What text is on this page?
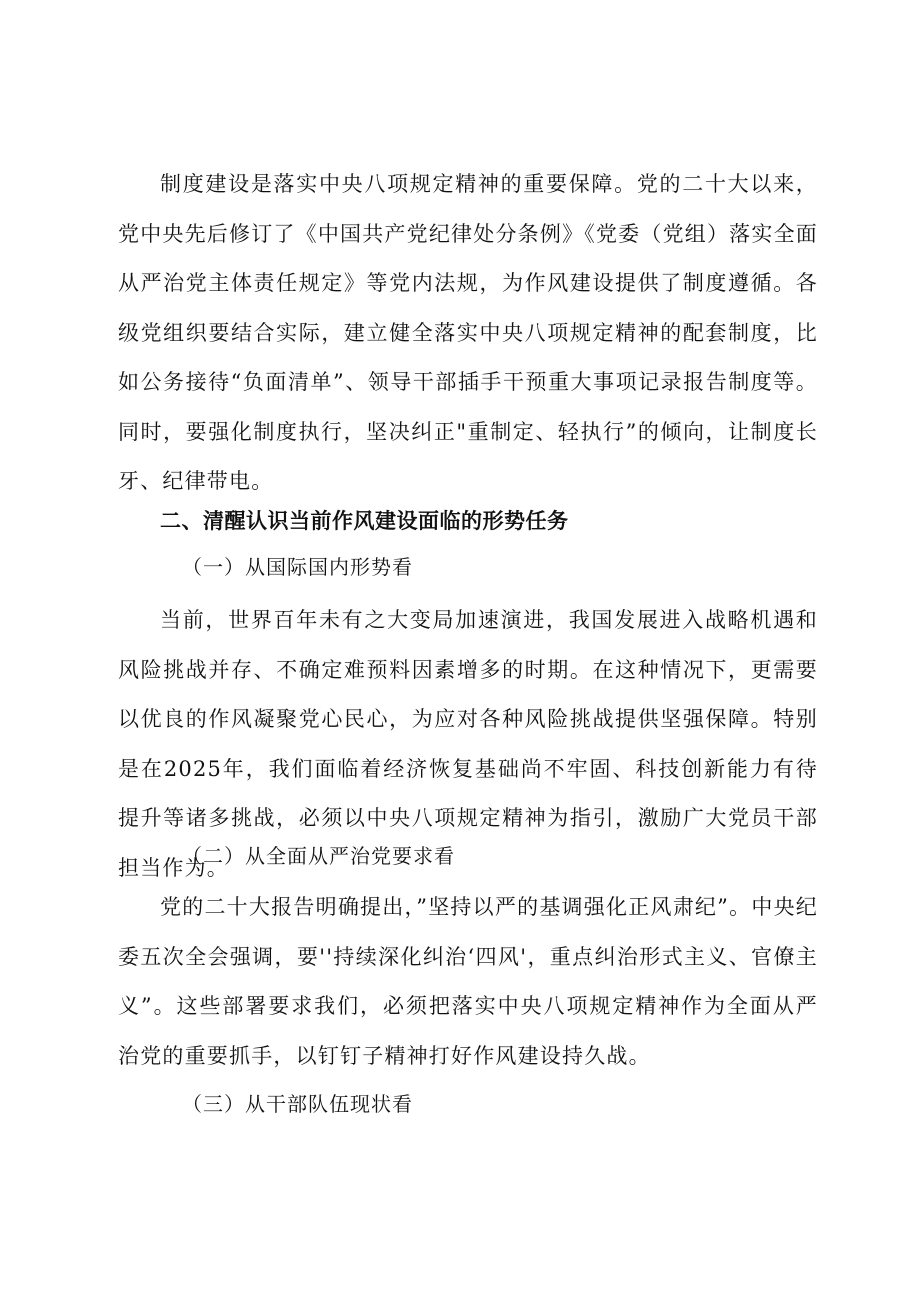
制度建设是落实中央八项规定精神的重要保障。党的二十大以来，党中央先后修订了《中国共产党纪律处分条例》《党委（党组）落实全面从严治党主体责任规定》等党内法规，为作风建设提供了制度遵循。各级党组织要结合实际，建立健全落实中央八项规定精神的配套制度，比如公务接待“负面清单”、领导干部插手干预重大事项记录报告制度等。同时，要强化制度执行，坚决纠正"重制定、轻执行”的倾向，让制度长牙、纪律带电。

二、清醒认识当前作风建设面临的形势任务

（一）从国际国内形势看

当前，世界百年未有之大变局加速演进，我国发展进入战略机遇和风险挑战并存、不确定难预料因素增多的时期。在这种情况下，更需要以优良的作风凝聚党心民心，为应对各种风险挑战提供坚强保障。特别是在2025年，我们面临着经济恢复基础尚不牢固、科技创新能力有待提升等诸多挑战，必须以中央八项规定精神为指引，激励广大党员干部担当作为。

（二）从全面从严治党要求看

党的二十大报告明确提出，”坚持以严的基调强化正风肃纪”。中央纪委五次全会强调，要''持续深化纠治‘四风'，重点纠治形式主义、官僚主义”。这些部署要求我们，必须把落实中央八项规定精神作为全面从严治党的重要抓手，以钉钉子精神打好作风建设持久战。

（三）从干部队伍现状看
